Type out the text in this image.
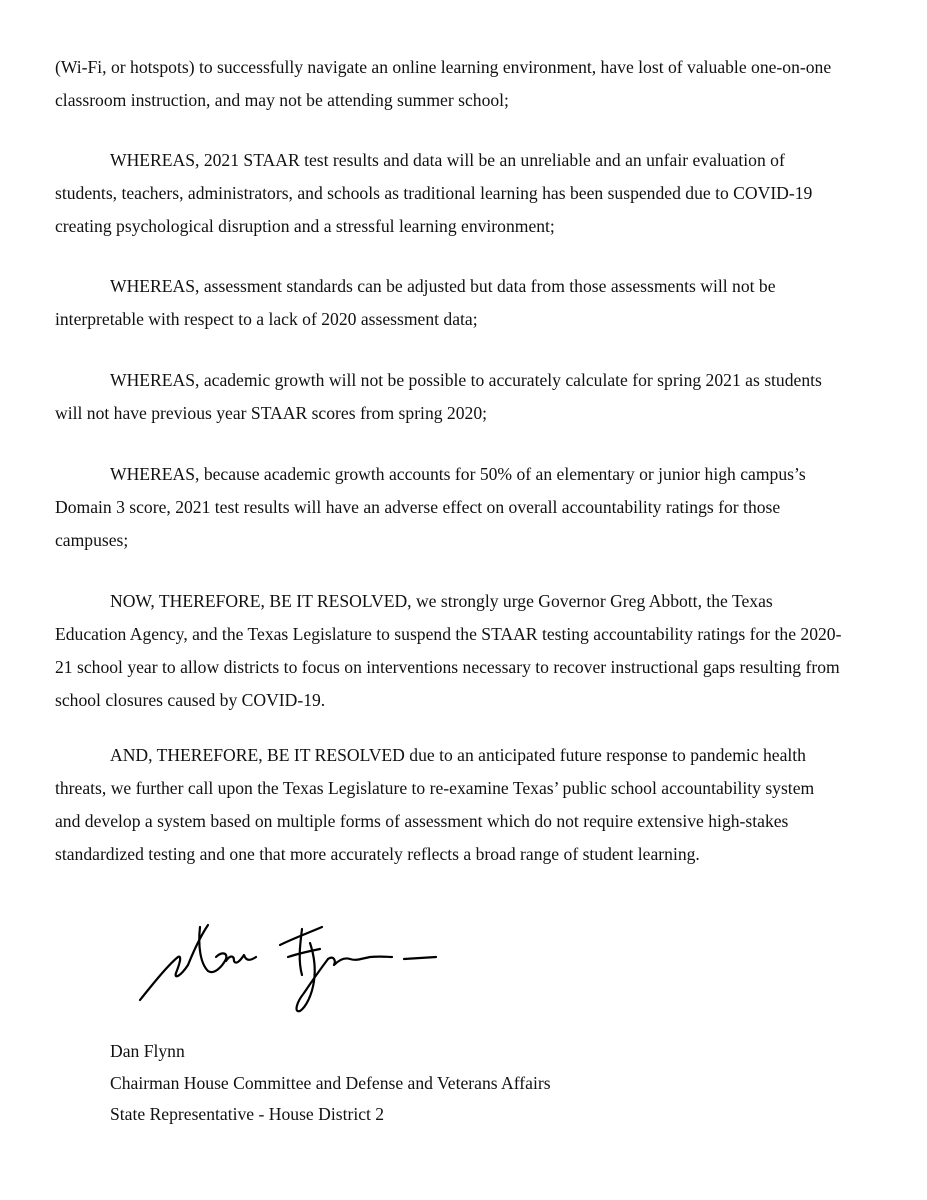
(Wi-Fi, or hotspots) to successfully navigate an online learning environment, have lost of valuable one-on-one
classroom instruction, and may not be attending summer school;

WHEREAS, 2021 STAAR test results and data will be an unreliable and an unfair evaluation of
students, teachers, administrators, and schools as traditional learning has been suspended due to COVID-19
creating psychological disruption and a stressful learning environment;

WHEREAS, assessment standards can be adjusted but data from those assessments will not be
interpretable with respect to a lack of 2020 assessment data;

WHEREAS, academic growth will not be possible to accurately calculate for spring 2021 as students
will not have previous year STAAR scores from spring 2020;

WHEREAS, because academic growth accounts for 50% of an elementary or junior high campus’s
Domain 3 score, 2021 test results will have an adverse effect on overall accountability ratings for those
campuses;

NOW, THEREFORE, BE IT RESOLVED, we strongly urge Governor Greg Abbott, the Texas
Education Agency, and the Texas Legislature to suspend the STAAR testing accountability ratings for the 2020-
21 school year to allow districts to focus on interventions necessary to recover instructional gaps resulting from
school closures caused by COVID-19.

AND, THEREFORE, BE IT RESOLVED due to an anticipated future response to pandemic health
threats, we further call upon the Texas Legislature to re-examine Texas’ public school accountability system
and develop a system based on multiple forms of assessment which do not require extensive high-stakes
standardized testing and one that more accurately reflects a broad range of student learning.

Dan Flynn
Chairman House Committee and Defense and Veterans Affairs
State Representative - House District 2
